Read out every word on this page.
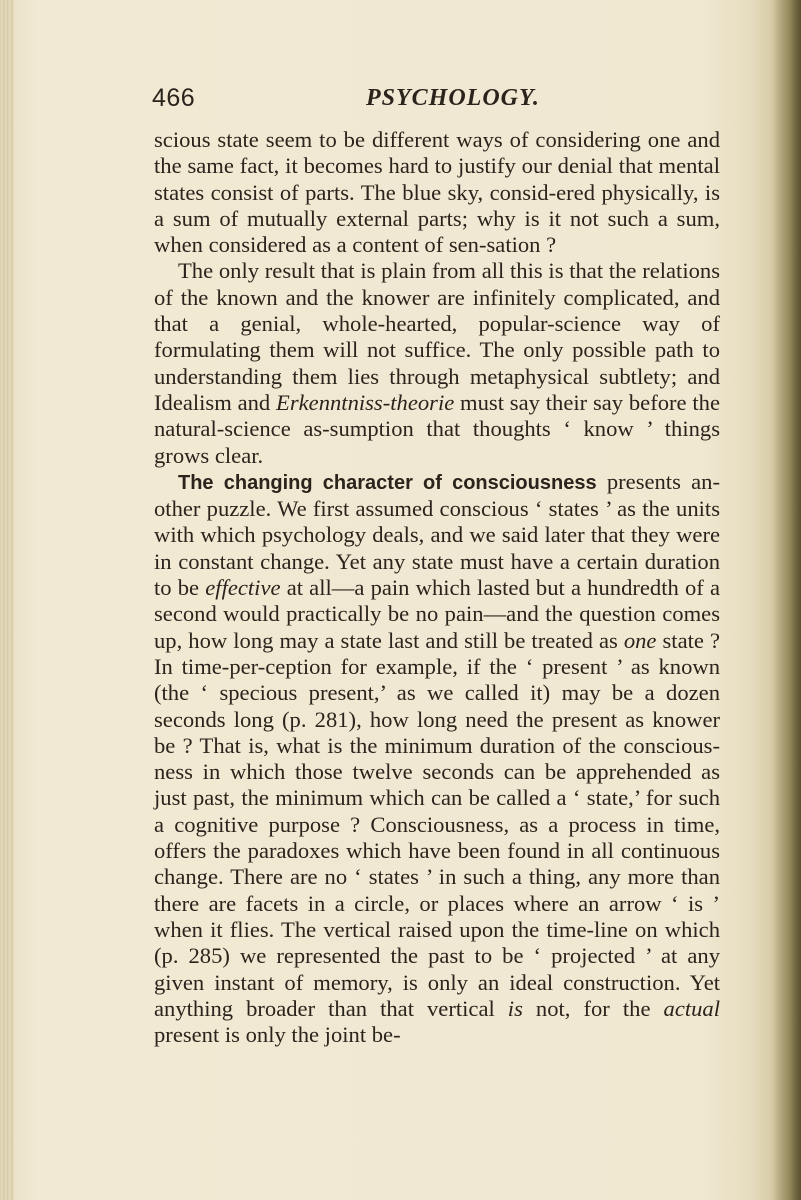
466	PSYCHOLOGY.

scious state seem to be different ways of considering one and the same fact, it becomes hard to justify our denial that mental states consist of parts. The blue sky, consid-ered physically, is a sum of mutually external parts; why is it not such a sum, when considered as a content of sen-sation ?

The only result that is plain from all this is that the relations of the known and the knower are infinitely complicated, and that a genial, whole-hearted, popular-science way of formulating them will not suffice. The only possible path to understanding them lies through metaphysical subtlety; and Idealism and Erkenntniss-theorie must say their say before the natural-science as-sumption that thoughts ‘ know ’ things grows clear.

The changing character of consciousness presents an-other puzzle. We first assumed conscious ‘ states ’ as the units with which psychology deals, and we said later that they were in constant change. Yet any state must have a certain duration to be effective at all—a pain which lasted but a hundredth of a second would practically be no pain—and the question comes up, how long may a state last and still be treated as one state ? In time-per-ception for example, if the ‘ present ’ as known (the ‘ specious present,’ as we called it) may be a dozen seconds long (p. 281), how long need the present as knower be ? That is, what is the minimum duration of the conscious-ness in which those twelve seconds can be apprehended as just past, the minimum which can be called a ‘ state,’ for such a cognitive purpose ? Consciousness, as a process in time, offers the paradoxes which have been found in all continuous change. There are no ‘ states ’ in such a thing, any more than there are facets in a circle, or places where an arrow ‘ is ’ when it flies. The vertical raised upon the time-line on which (p. 285) we represented the past to be ‘ projected ’ at any given instant of memory, is only an ideal construction. Yet anything broader than that vertical is not, for the actual present is only the joint be-
